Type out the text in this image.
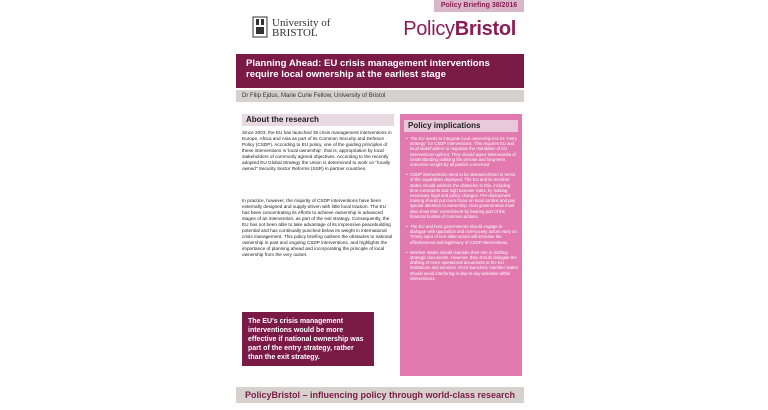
Policy Briefing 38/2016
University of BRISTOL	PolicyBristol
Planning Ahead: EU crisis management interventions require local ownership at the earliest stage
Dr Filip Ejdus, Marie Curie Fellow, University of Bristol
About the research
Since 2003, the EU has launched 35 crisis management interventions in Europe, Africa and Asia as part of its Common Security and Defence Policy (CSDP). According to EU policy, one of the guiding principles of these interventions is 'local ownership', that is, appropriation by local stakeholders of commonly agreed objectives. According to the recently adopted EU Global Strategy the Union is determined to work on "locally owned" Security Sector Reforms (SSR) in partner countries.
In practice, however, the majority of CSDP interventions have been externally designed and supply-driven with little local traction. The EU has been concentrating its efforts to achieve ownership in advanced stages of an intervention, as part of the exit strategy. Consequently, the EU has not been able to take advantage of its impressive peacebuilding potential and has continually punched below its weight in international crisis management. This policy briefing outlines the obstacles to national ownership in past and ongoing CSDP interventions, and highlights the importance of planning ahead and incorporating the principle of local ownership from the very outset.
The EU's crisis management interventions would be more effective if national ownership was part of the entry strategy, rather than the exit strategy.
Policy implications
• The EU needs to integrate local ownership into its "entry strategy" for CSDP interventions. This requires EU and local stakeholders to negotiate the mandates of EU interventions upfront. They should agree Memoranda of Understanding outlining the precise and long-term outcomes sought by all parties concerned.
• CSDP interventions need to be demand-driven in terms of the capabilities deployed. The EU and its member states should address the obstacles to this, including time constraints and high turnover rates, by making necessary legal and policy changes. Pre-deployment training should put more focus on local context and pay special attention to ownership. Host governments must also show their commitment by bearing part of the financial burden of common actions.
• The EU and host governments should engage in dialogue with opposition and civil-society actors early on. Timely input of non-state actors will increase the effectiveness and legitimacy of CSDP interventions.
• Member states should maintain their role in drafting strategic documents. However, they should delegate the drafting of more operational documents to the EU institutions and services. Once launched, member states should avoid interfering in day-to-day activities within interventions.
PolicyBristol – influencing policy through world-class research
